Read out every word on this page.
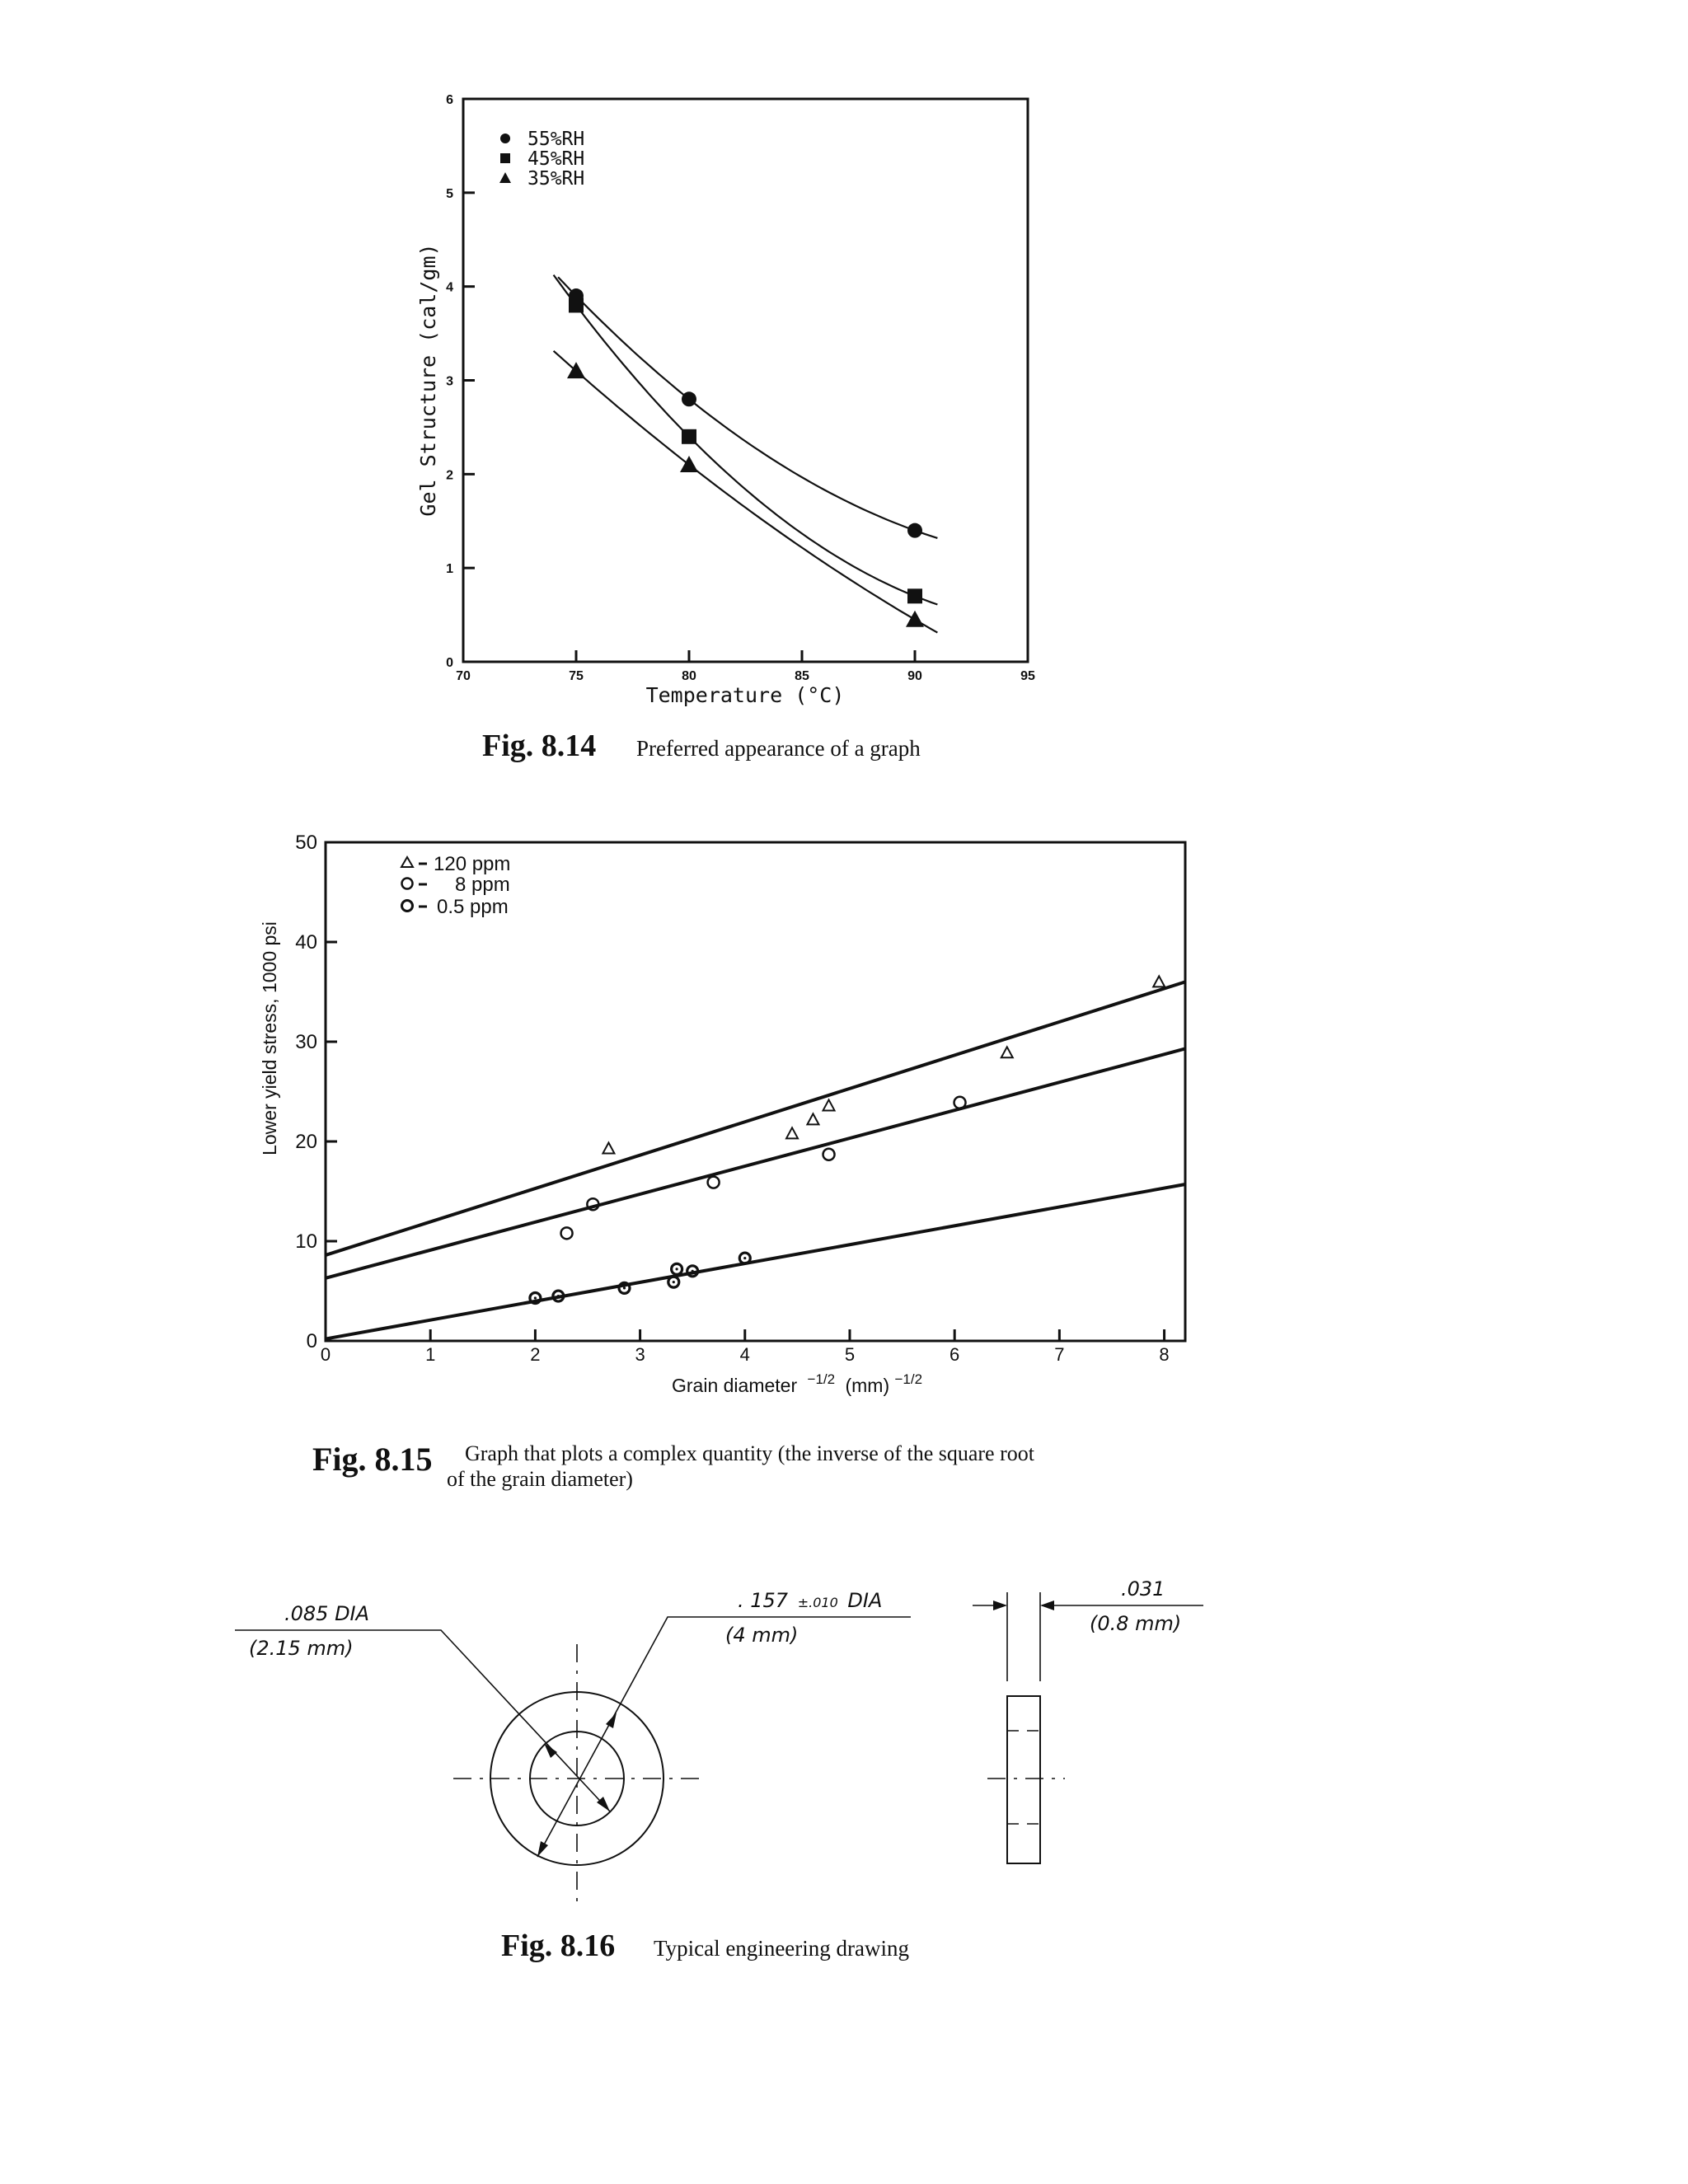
0
1
2
3
4
5
6
70	75	80	85	90	95
55%RH
45%RH
35%RH
Temperature (°C)
Gel Structure (cal/gm)
Fig. 8.14 Preferred appearance of a graph
0
10
20
30
40
50
0	1	2	3	4	5	6	7	8
120 ppm
8 ppm
0.5 ppm
Grain diameter $^{-1/2}$ (mm) $^{-1/2}$
Lower yield stress, 1000 psi
Fig. 8.15 Graph that plots a complex quantity (the inverse of the square root
of the grain diameter)
.085 DIA
(2.15 mm)
. 157 ±.010 DIA
(4 mm)
.031
(0.8 mm)
Fig. 8.16 Typical engineering drawing
